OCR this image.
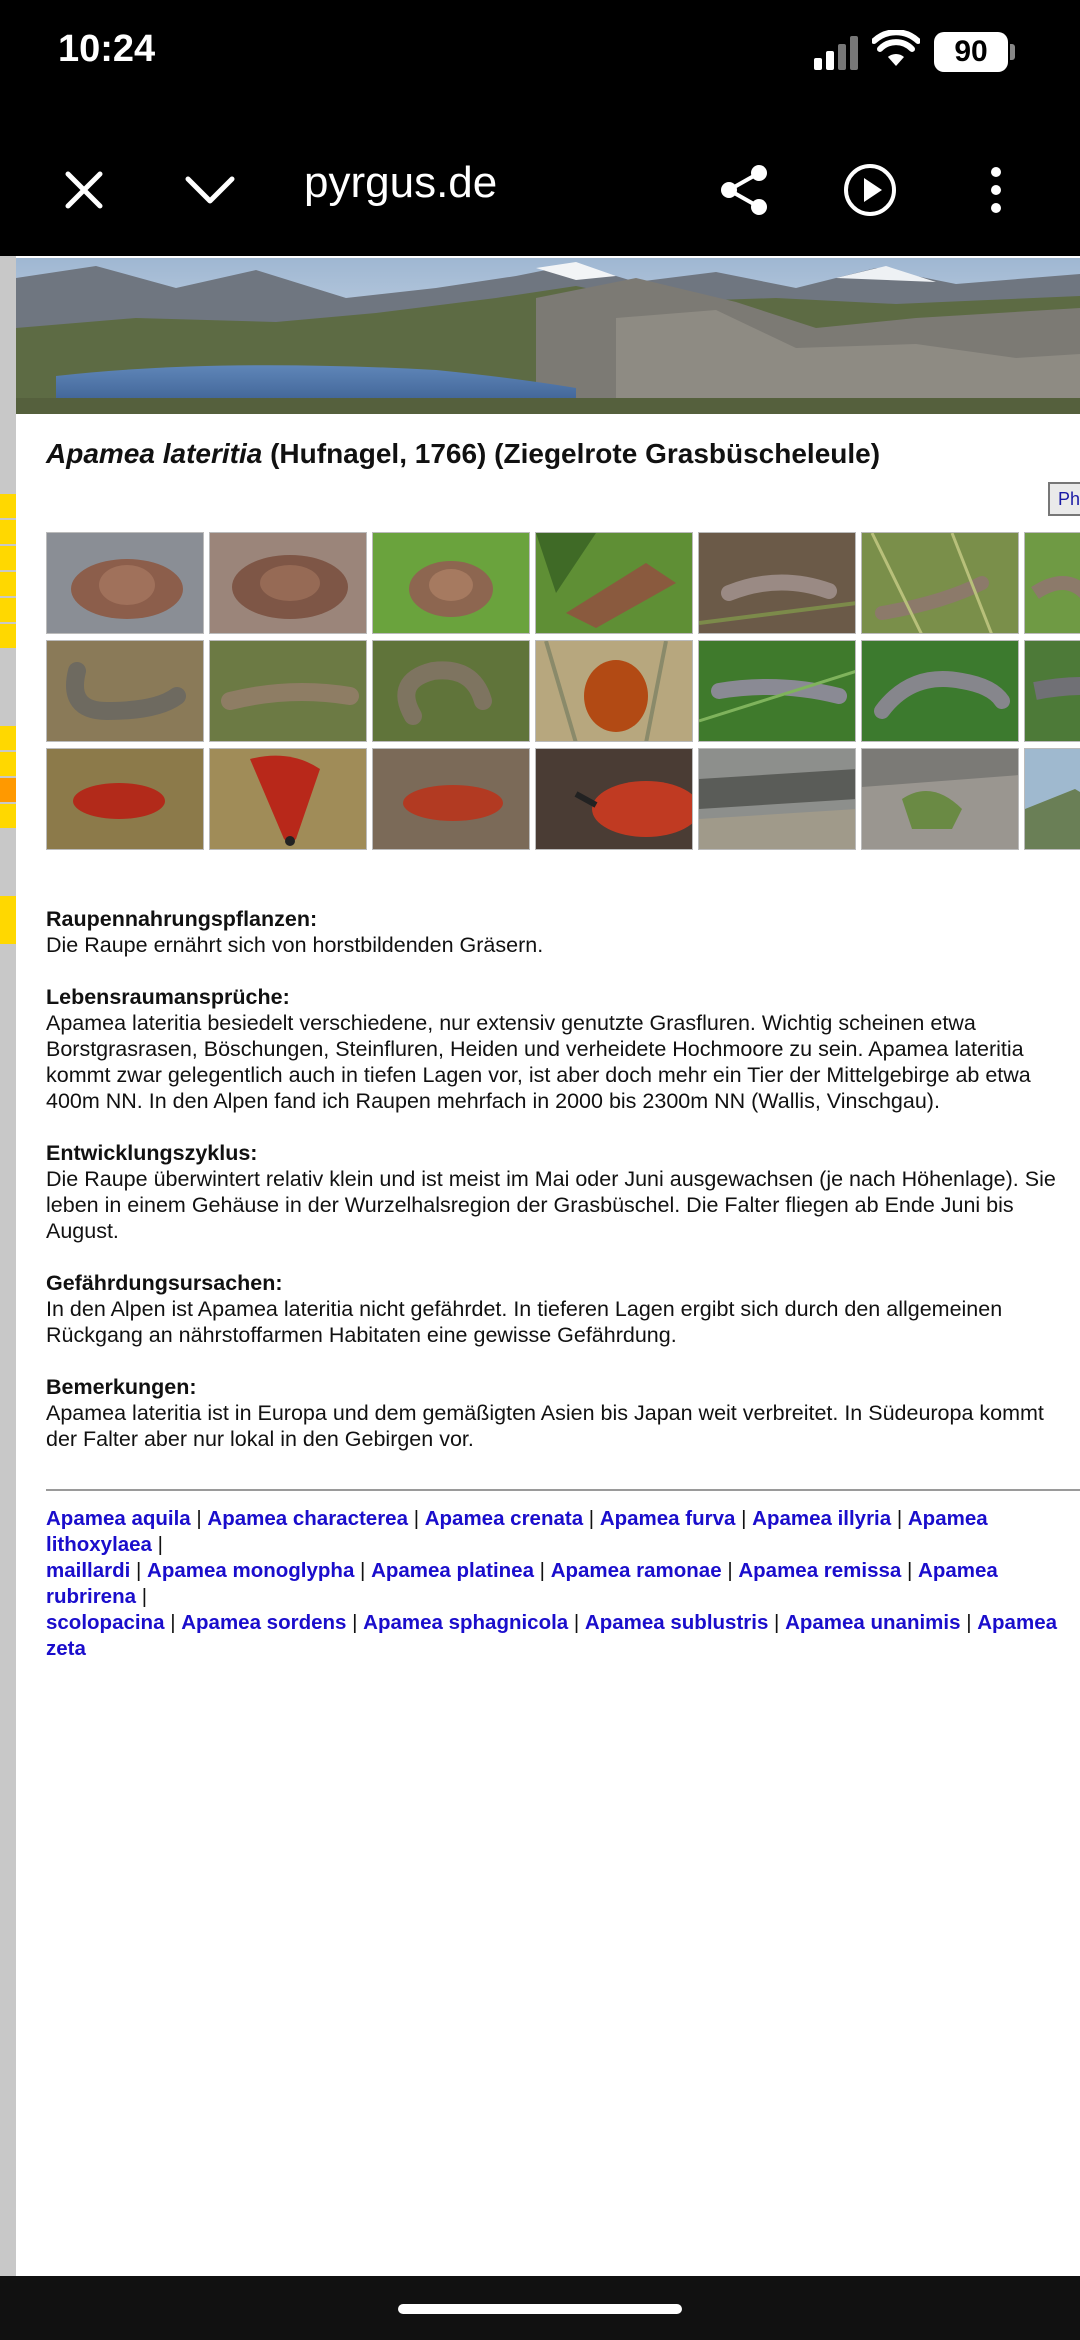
10:24	90
pyrgus.de

Apamea lateritia (Hufnagel, 1766) (Ziegelrote Grasbüscheleule)

Ph
Raupennahrungspflanzen:
Die Raupe ernährt sich von horstbildenden Gräsern.
Lebensraumansprüche:
Apamea lateritia besiedelt verschiedene, nur extensiv genutzte Grasfluren. Wichtig scheinen etwa Borstgrasrasen, Böschungen, Steinfluren, Heiden und verheidete Hochmoore zu sein. Apamea lateritia kommt zwar gelegentlich auch in tiefen Lagen vor, ist aber doch mehr ein Tier der Mittelgebirge ab etwa 400m NN. In den Alpen fand ich Raupen mehrfach in 2000 bis 2300m NN (Wallis, Vinschgau).
Entwicklungszyklus:
Die Raupe überwintert relativ klein und ist meist im Mai oder Juni ausgewachsen (je nach Höhenlage). Sie leben in einem Gehäuse in der Wurzelhalsregion der Grasbüschel. Die Falter fliegen ab Ende Juni bis August.
Gefährdungsursachen:
In den Alpen ist Apamea lateritia nicht gefährdet. In tieferen Lagen ergibt sich durch den allgemeinen Rückgang an nährstoffarmen Habitaten eine gewisse Gefährdung.
Bemerkungen:
Apamea lateritia ist in Europa und dem gemäßigten Asien bis Japan weit verbreitet. In Südeuropa kommt der Falter aber nur lokal in den Gebirgen vor.
Apamea aquila | Apamea characterea | Apamea crenata | Apamea furva | Apamea illyria | Apamea lithoxylaea |
maillardi | Apamea monoglypha | Apamea platinea | Apamea ramonae | Apamea remissa | Apamea rubrirena |
scolopacina | Apamea sordens | Apamea sphagnicola | Apamea sublustris | Apamea unanimis | Apamea zeta
